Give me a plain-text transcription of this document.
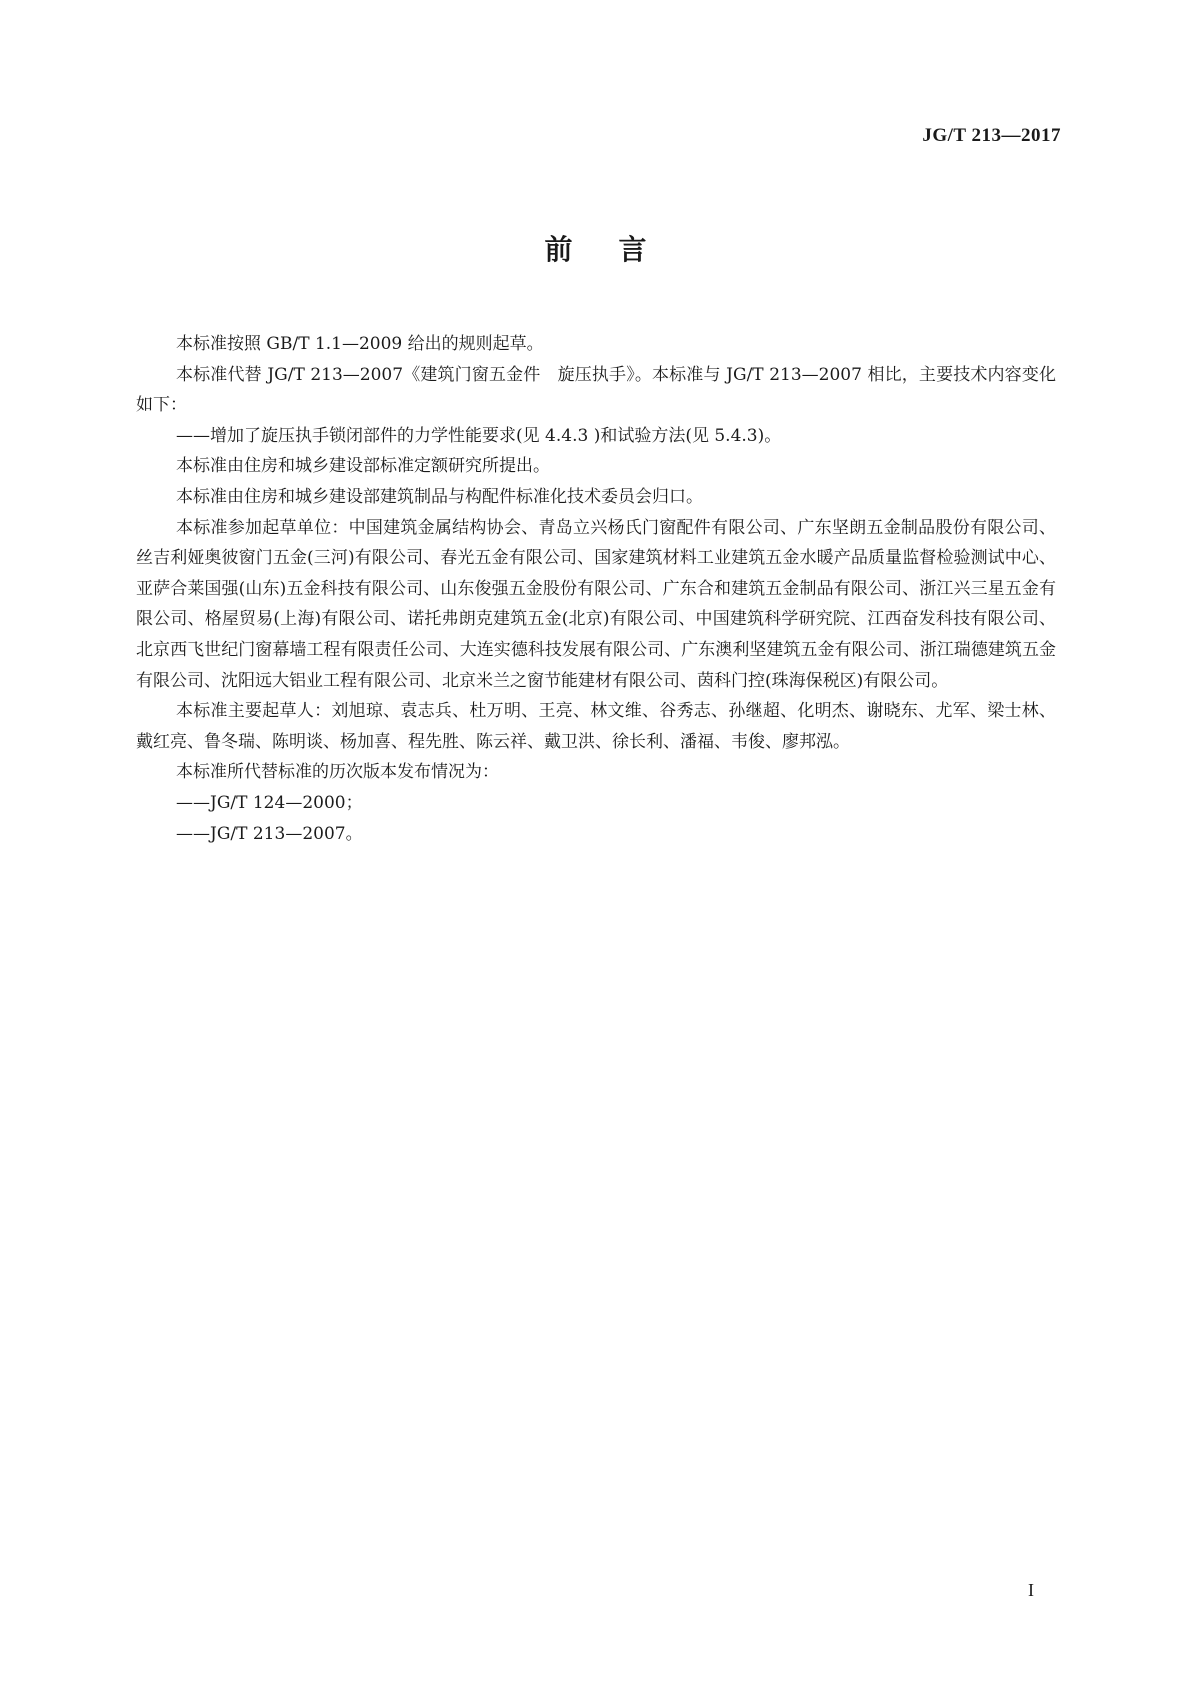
JG/T 213—2017
前言

本标准按照 GB/T 1.1—2009 给出的规则起草。

本标准代替 JG/T 213—2007《建筑门窗五金件　旋压执手》。本标准与 JG/T 213—2007 相比，主要技术内容变化如下：

——增加了旋压执手锁闭部件的力学性能要求(见 4.4.3 )和试验方法(见 5.4.3)。

本标准由住房和城乡建设部标准定额研究所提出。

本标准由住房和城乡建设部建筑制品与构配件标准化技术委员会归口。

本标准参加起草单位：中国建筑金属结构协会、青岛立兴杨氏门窗配件有限公司、广东坚朗五金制品股份有限公司、丝吉利娅奥彼窗门五金(三河)有限公司、春光五金有限公司、国家建筑材料工业建筑五金水暖产品质量监督检验测试中心、亚萨合莱国强(山东)五金科技有限公司、山东俊强五金股份有限公司、广东合和建筑五金制品有限公司、浙江兴三星五金有限公司、格屋贸易(上海)有限公司、诺托弗朗克建筑五金(北京)有限公司、中国建筑科学研究院、江西奋发科技有限公司、北京西飞世纪门窗幕墙工程有限责任公司、大连实德科技发展有限公司、广东澳利坚建筑五金有限公司、浙江瑞德建筑五金有限公司、沈阳远大铝业工程有限公司、北京米兰之窗节能建材有限公司、茵科门控(珠海保税区)有限公司。

本标准主要起草人：刘旭琼、袁志兵、杜万明、王亮、林文维、谷秀志、孙继超、化明杰、谢晓东、尤军、梁士林、戴红亮、鲁冬瑞、陈明谈、杨加喜、程先胜、陈云祥、戴卫洪、徐长利、潘福、韦俊、廖邦泓。

本标准所代替标准的历次版本发布情况为：

——JG/T 124—2000；

——JG/T 213—2007。

I
